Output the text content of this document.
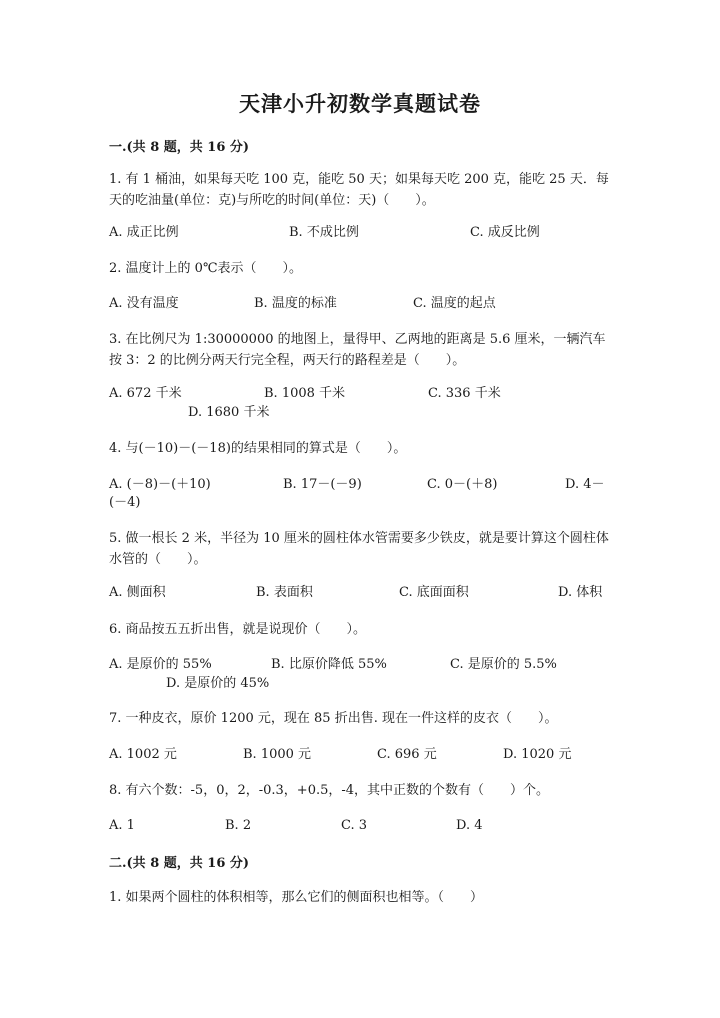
天津小升初数学真题试卷
一.(共 8 题，共 16 分)
1. 有 1 桶油，如果每天吃 100 克，能吃 50 天；如果每天吃 200 克，能吃 25 天．每天的吃油量(单位：克)与所吃的时间(单位：天)（　　）。
A. 成正比例	B. 不成比例	C. 成反比例
2. 温度计上的 0℃表示（　　）。
A. 没有温度	B. 温度的标准	C. 温度的起点
3. 在比例尺为 1:30000000 的地图上，量得甲、乙两地的距离是 5.6 厘米，一辆汽车按 3：2 的比例分两天行完全程，两天行的路程差是（　　）。
A. 672 千米	B. 1008 千米	C. 336 千米
D. 1680 千米
4. 与(－10)－(－18)的结果相同的算式是（　　）。
A. (－8)－(＋10)	B. 17－(－9)	C. 0－(＋8)	D. 4－
(－4)
5. 做一根长 2 米，半径为 10 厘米的圆柱体水管需要多少铁皮，就是要计算这个圆柱体水管的（　　）。
A. 侧面积	B. 表面积	C. 底面面积	D. 体积
6. 商品按五五折出售，就是说现价（　　）。
A. 是原价的 55%	B. 比原价降低 55%	C. 是原价的 5.5%
D. 是原价的 45%
7. 一种皮衣，原价 1200 元，现在 85 折出售. 现在一件这样的皮衣（　　）。
A. 1002 元	B. 1000 元	C. 696 元	D. 1020 元
8. 有六个数：-5，0，2，-0.3，+0.5，-4，其中正数的个数有（　　）个。
A. 1	B. 2	C. 3	D. 4
二.(共 8 题，共 16 分)
1. 如果两个圆柱的体积相等，那么它们的侧面积也相等。（　　）
